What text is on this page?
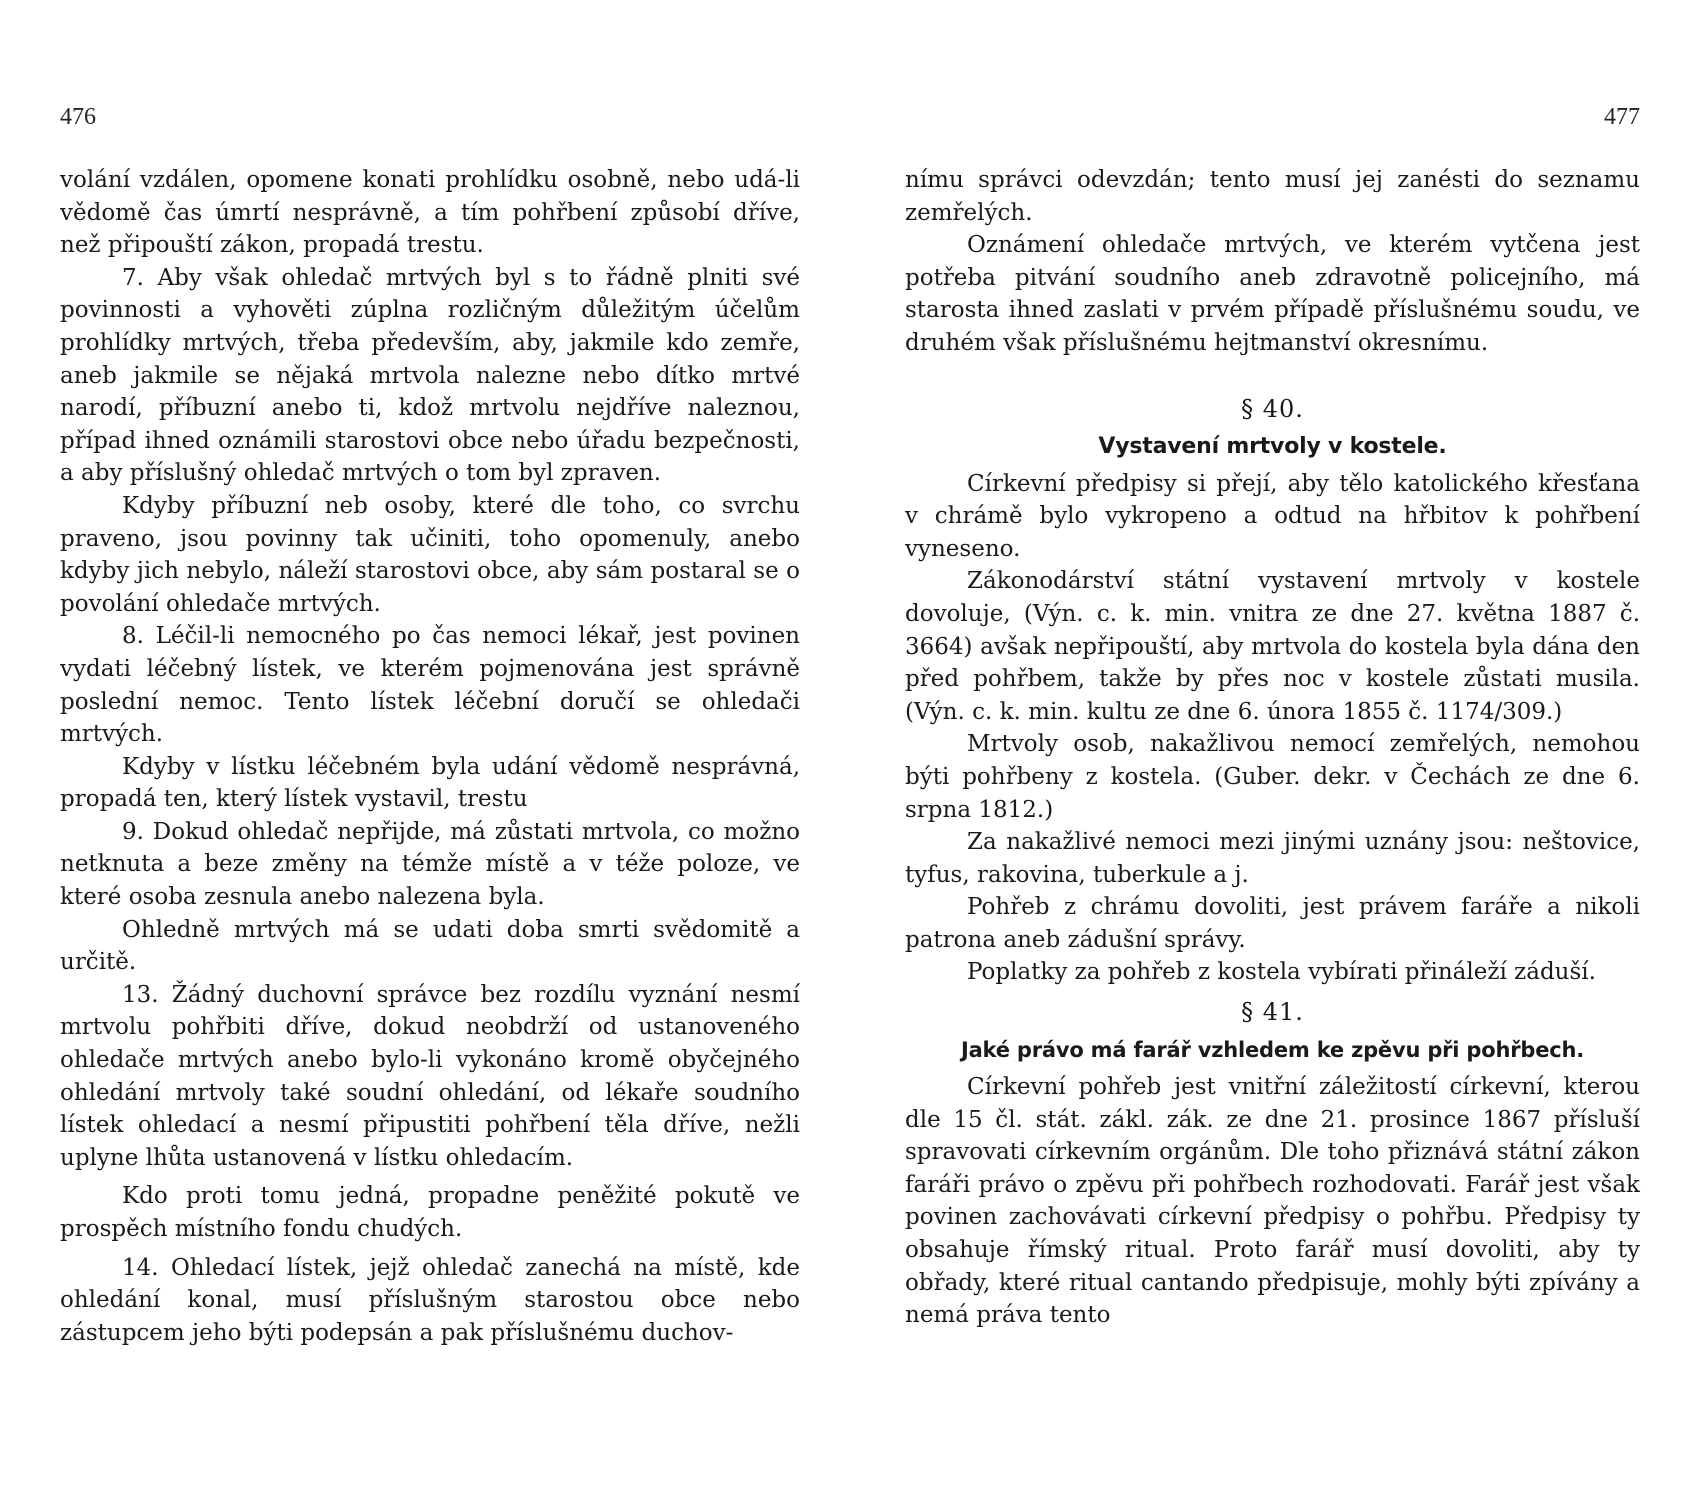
476

volání vzdálen, opomene konati prohlídku osobně, nebo udá-li vědomě čas úmrtí nesprávně, a tím pohřbení způsobí dříve, než připouští zákon, propadá trestu.

7. Aby však ohledač mrtvých byl s to řádně plniti své povinnosti a vyhověti zúplna rozličným důležitým účelům prohlídky mrtvých, třeba především, aby, jakmile kdo zemře, aneb jakmile se nějaká mrtvola nalezne nebo dítko mrtvé narodí, příbuzní anebo ti, kdož mrtvolu nejdříve naleznou, případ ihned oznámili starostovi obce nebo úřadu bezpečnosti, a aby příslušný ohledač mrtvých o tom byl zpraven.

Kdyby příbuzní neb osoby, které dle toho, co svrchu praveno, jsou povinny tak učiniti, toho opomenuly, anebo kdyby jich nebylo, náleží starostovi obce, aby sám postaral se o povolání ohledače mrtvých.

8. Léčil-li nemocného po čas nemoci lékař, jest povinen vydati léčebný lístek, ve kterém pojmenována jest správně poslední nemoc. Tento lístek léčební doručí se ohledači mrtvých.

Kdyby v lístku léčebném byla udání vědomě nesprávná, propadá ten, který lístek vystavil, trestu

9. Dokud ohledač nepřijde, má zůstati mrtvola, co možno netknuta a beze změny na témže místě a v téže poloze, ve které osoba zesnula anebo nalezena byla.

Ohledně mrtvých má se udati doba smrti svědomitě a určitě.

13. Žádný duchovní správce bez rozdílu vyznání nesmí mrtvolu pohřbiti dříve, dokud neobdrží od ustanoveného ohledače mrtvých anebo bylo-li vykonáno kromě obyčejného ohledání mrtvoly také soudní ohledání, od lékaře soudního lístek ohledací a nesmí připustiti pohřbení těla dříve, nežli uplyne lhůta ustanovená v lístku ohledacím.

Kdo proti tomu jedná, propadne peněžité pokutě ve prospěch místního fondu chudých.

14. Ohledací lístek, jejž ohledač zanechá na místě, kde ohledání konal, musí příslušným starostou obce nebo zástupcem jeho býti podepsán a pak příslušnému duchov-

477

nímu správci odevzdán; tento musí jej zanésti do seznamu zemřelých.

Oznámení ohledače mrtvých, ve kterém vytčena jest potřeba pitvání soudního aneb zdravotně policejního, má starosta ihned zaslati v prvém případě příslušnému soudu, ve druhém však příslušnému hejtmanství okresnímu.

§ 40.
Vystavení mrtvoly v kostele.

Církevní předpisy si přejí, aby tělo katolického křesťana v chrámě bylo vykropeno a odtud na hřbitov k pohřbení vyneseno.

Zákonodárství státní vystavení mrtvoly v kostele dovoluje, (Výn. c. k. min. vnitra ze dne 27. května 1887 č. 3664) avšak nepřipouští, aby mrtvola do kostela byla dána den před pohřbem, takže by přes noc v kostele zůstati musila. (Výn. c. k. min. kultu ze dne 6. února 1855 č. 1174/309.)

Mrtvoly osob, nakažlivou nemocí zemřelých, nemohou býti pohřbeny z kostela. (Guber. dekr. v Čechách ze dne 6. srpna 1812.)

Za nakažlivé nemoci mezi jinými uznány jsou: neštovice, tyfus, rakovina, tuberkule a j.

Pohřeb z chrámu dovoliti, jest právem faráře a nikoli patrona aneb zádušní správy.

Poplatky za pohřeb z kostela vybírati přináleží záduší.

§ 41.
Jaké právo má farář vzhledem ke zpěvu při pohřbech.

Církevní pohřeb jest vnitřní záležitostí církevní, kterou dle 15 čl. stát. zákl. zák. ze dne 21. prosince 1867 přísluší spravovati církevním orgánům. Dle toho přiznává státní zákon faráři právo o zpěvu při pohřbech rozhodovati. Farář jest však povinen zachovávati církevní předpisy o pohřbu. Předpisy ty obsahuje římský ritual. Proto farář musí dovoliti, aby ty obřady, které ritual cantando předpisuje, mohly býti zpívány a nemá práva tento
